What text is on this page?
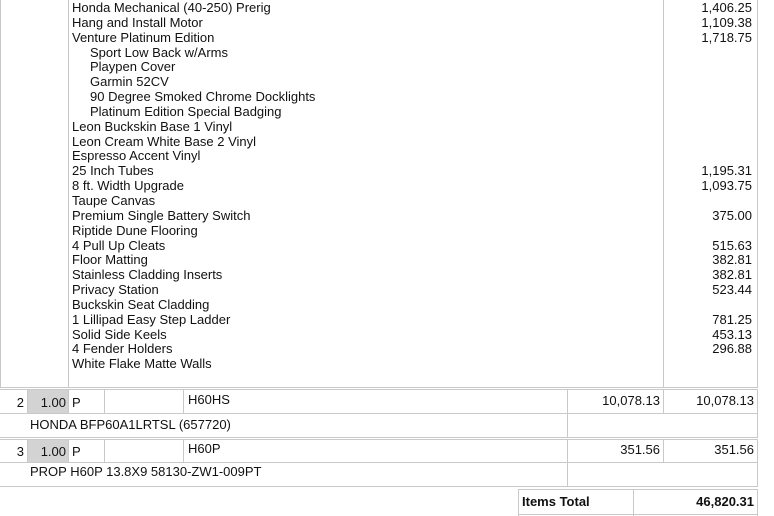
Honda Mechanical (40-250) Prerig	1,406.25
Hang and Install Motor	1,109.38
Venture Platinum Edition	1,718.75
Sport Low Back w/Arms
Playpen Cover
Garmin 52CV
90 Degree Smoked Chrome Docklights
Platinum Edition Special Badging
Leon Buckskin Base 1 Vinyl
Leon Cream White Base 2 Vinyl
Espresso Accent Vinyl
25 Inch Tubes	1,195.31
8 ft. Width Upgrade	1,093.75
Taupe Canvas
Premium Single Battery Switch	375.00
Riptide Dune Flooring
4 Pull Up Cleats	515.63
Floor Matting	382.81
Stainless Cladding Inserts	382.81
Privacy Station	523.44
Buckskin Seat Cladding
1 Lillipad Easy Step Ladder	781.25
Solid Side Keels	453.13
4 Fender Holders	296.88
White Flake Matte Walls
2	1.00 P	H60HS	10,078.13	10,078.13
HONDA BFP60A1LRTSL (657720)
3	1.00 P	H60P	351.56	351.56
PROP H60P 13.8X9 58130-ZW1-009PT
Items Total	46,820.31
